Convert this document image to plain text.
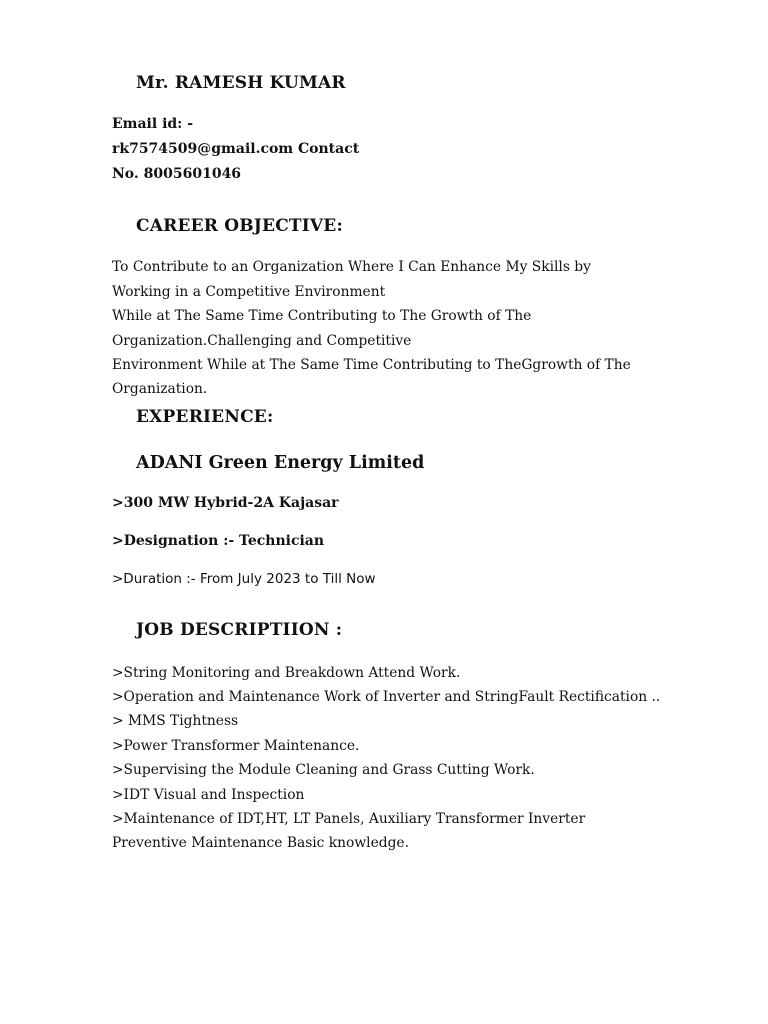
Mr. RAMESH KUMAR
Email id: -
rk7574509@gmail.com Contact
No. 8005601046
CAREER OBJECTIVE:
To Contribute to an Organization Where I Can Enhance My Skills by
Working in a Competitive Environment
While at The Same Time Contributing to The Growth of The
Organization.Challenging and Competitive
Environment While at The Same Time Contributing to TheGgrowth of The
Organization.
EXPERIENCE:
ADANI Green Energy Limited
>300 MW Hybrid-2A Kajasar
>Designation :- Technician
>Duration :- From July 2023 to Till Now
JOB DESCRIPTIION :
>String Monitoring and Breakdown Attend Work.
>Operation and Maintenance Work of Inverter and StringFault Rectification ..
> MMS Tightness
>Power Transformer Maintenance.
>Supervising the Module Cleaning and Grass Cutting Work.
>IDT Visual and Inspection
>Maintenance of IDT,HT, LT Panels, Auxiliary Transformer Inverter
Preventive Maintenance Basic knowledge.
